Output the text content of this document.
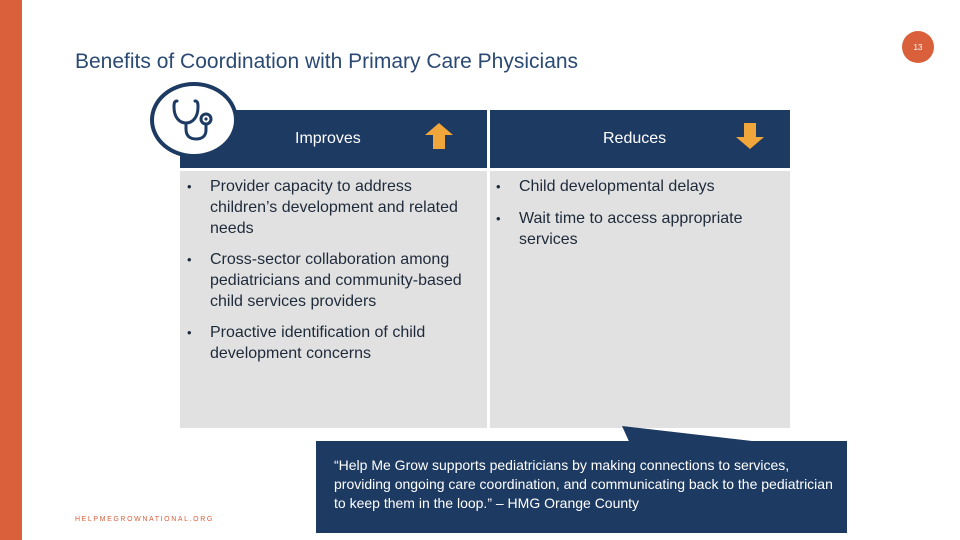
13
Benefits of Coordination with Primary Care Physicians
Improves	Reduces
• Provider capacity to address children’s development and related needs
• Cross-sector collaboration among pediatricians and community-based child services providers
• Proactive identification of child development concerns
• Child developmental delays
• Wait time to access appropriate services

“Help Me Grow supports pediatricians by making connections to services, providing ongoing care coordination, and communicating back to the pediatrician to keep them in the loop.” – HMG Orange County

HELPMEGROWNATIONAL.ORG
